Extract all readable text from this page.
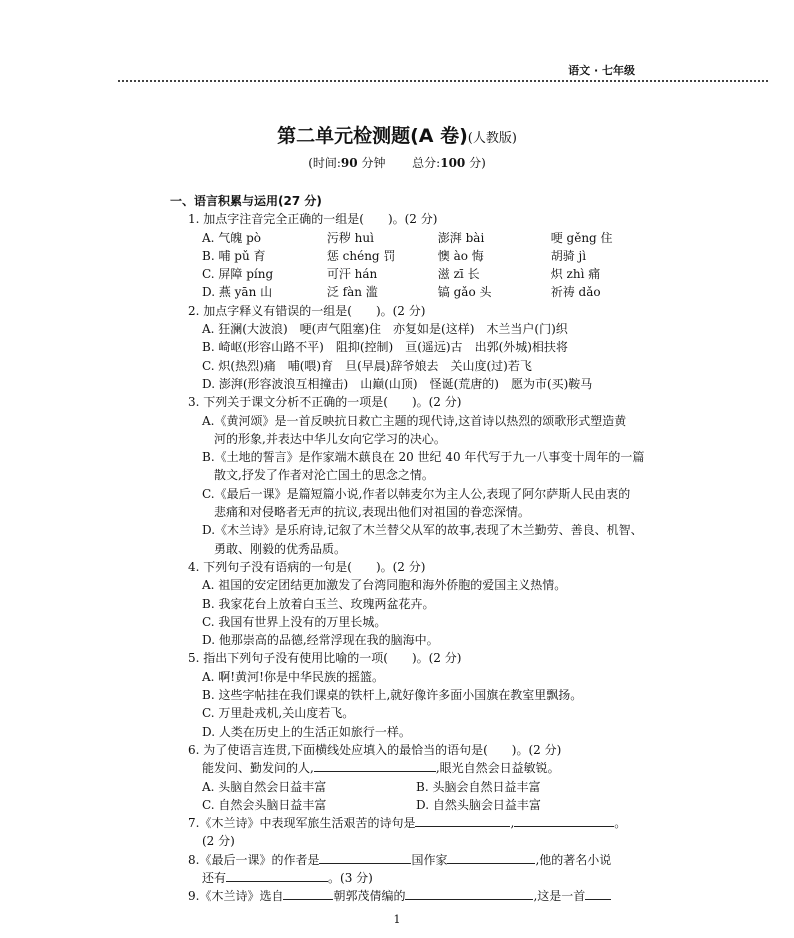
语文 · 七年级
第二单元检测题(A 卷)(人教版)
(时间:90 分钟 总分:100 分)
一、语言积累与运用(27 分)
1. 加点字注音完全正确的一组是(　　)。(2 分)
A. 气魄 pò	污秽 huì	澎湃 bài	哽 gěng 住
B. 哺 pǔ 育	惩 chéng 罚	懊 ào 悔	胡骑 jì
C. 屏障 píng	可汗 hán	滋 zī 长	炽 zhì 痛
D. 燕 yān 山	泛 fàn 滥	镐 gǎo 头	祈祷 dǎo
2. 加点字释义有错误的一组是(　　)。(2 分)
A. 狂澜(大波浪) 哽(声气阻塞)住 亦复如是(这样) 木兰当户(门)织
B. 崎岖(形容山路不平) 阻抑(控制) 亘(遥远)古 出郭(外城)相扶将
C. 炽(热烈)痛 哺(喂)育 旦(早晨)辞爷娘去 关山度(过)若飞
D. 澎湃(形容波浪互相撞击) 山巅(山顶) 怪诞(荒唐的) 愿为市(买)鞍马
3. 下列关于课文分析不正确的一项是(　　)。(2 分)
A.《黄河颂》是一首反映抗日救亡主题的现代诗,这首诗以热烈的颂歌形式塑造黄
河的形象,并表达中华儿女向它学习的决心。
B.《土地的誓言》是作家端木蕻良在 20 世纪 40 年代写于九一八事变十周年的一篇
散文,抒发了作者对沦亡国土的思念之情。
C.《最后一课》是篇短篇小说,作者以韩麦尔为主人公,表现了阿尔萨斯人民由衷的
悲痛和对侵略者无声的抗议,表现出他们对祖国的眷恋深情。
D.《木兰诗》是乐府诗,记叙了木兰替父从军的故事,表现了木兰勤劳、善良、机智、
勇敢、刚毅的优秀品质。
4. 下列句子没有语病的一句是(　　)。(2 分)
A. 祖国的安定团结更加激发了台湾同胞和海外侨胞的爱国主义热情。
B. 我家花台上放着白玉兰、玫瑰两盆花卉。
C. 我国有世界上没有的万里长城。
D. 他那崇高的品德,经常浮现在我的脑海中。
5. 指出下列句子没有使用比喻的一项(　　)。(2 分)
A. 啊!黄河!你是中华民族的摇篮。
B. 这些字帖挂在我们课桌的铁杆上,就好像许多面小国旗在教室里飘扬。
C. 万里赴戎机,关山度若飞。
D. 人类在历史上的生活正如旅行一样。
6. 为了使语言连贯,下面横线处应填入的最恰当的语句是(　　)。(2 分)
能发问、勤发问的人,	,眼光自然会日益敏锐。
A. 头脑自然会日益丰富	B. 头脑会自然日益丰富
C. 自然会头脑日益丰富	D. 自然头脑会日益丰富
7.《木兰诗》中表现军旅生活艰苦的诗句是	,	。
(2 分)
8.《最后一课》的作者是	国作家	,他的著名小说
还有	。(3 分)
9.《木兰诗》选自	朝郭茂倩编的	,这是一首
1
